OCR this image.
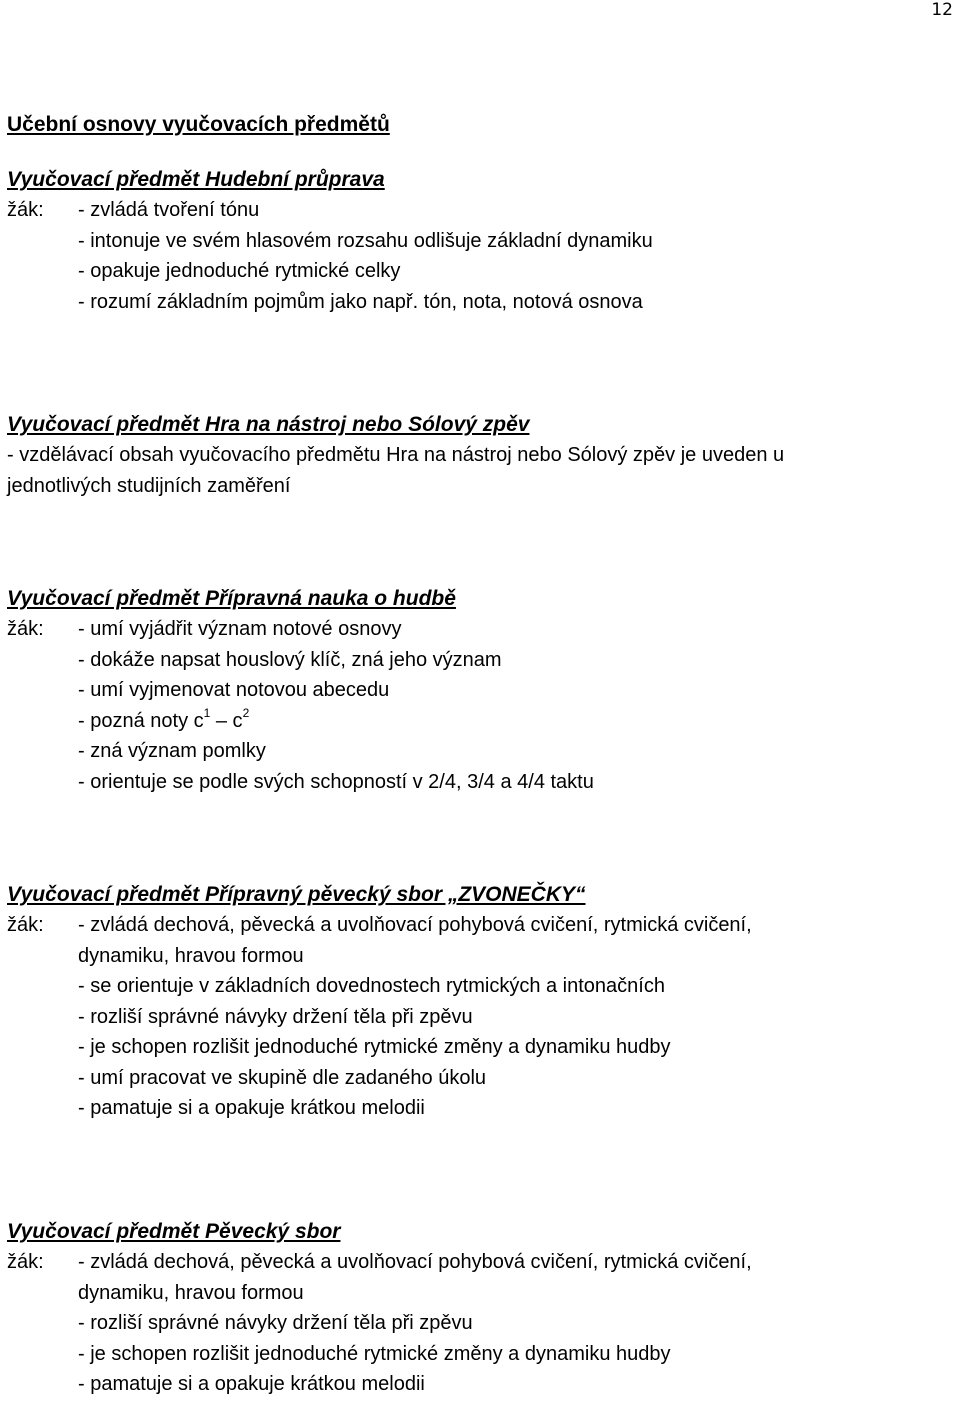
12
Učební osnovy vyučovacích předmětů
Vyučovací předmět Hudební průprava
žák: - zvládá tvoření tónu
- intonuje ve svém hlasovém rozsahu odlišuje základní dynamiku
- opakuje jednoduché rytmické celky
- rozumí základním pojmům jako např. tón, nota, notová osnova
Vyučovací předmět Hra na nástroj nebo Sólový zpěv
- vzdělávací obsah vyučovacího předmětu Hra na nástroj nebo Sólový zpěv je uveden u
jednotlivých studijních zaměření
Vyučovací předmět Přípravná nauka o hudbě
žák: - umí vyjádřit význam notové osnovy
- dokáže napsat houslový klíč, zná jeho význam
- umí vyjmenovat notovou abecedu
- pozná noty $c^1 - c^2$
- zná význam pomlky
- orientuje se podle svých schopností v 2/4, 3/4 a 4/4 taktu
Vyučovací předmět Přípravný pěvecký sbor „ZVONEČKY“
žák: - zvládá dechová, pěvecká a uvolňovací pohybová cvičení, rytmická cvičení,
dynamiku, hravou formou
- se orientuje v základních dovednostech rytmických a intonačních
- rozliší správné návyky držení těla při zpěvu
- je schopen rozlišit jednoduché rytmické změny a dynamiku hudby
- umí pracovat ve skupině dle zadaného úkolu
- pamatuje si a opakuje krátkou melodii
Vyučovací předmět Pěvecký sbor
žák: - zvládá dechová, pěvecká a uvolňovací pohybová cvičení, rytmická cvičení,
dynamiku, hravou formou
- rozliší správné návyky držení těla při zpěvu
- je schopen rozlišit jednoduché rytmické změny a dynamiku hudby
- pamatuje si a opakuje krátkou melodii
